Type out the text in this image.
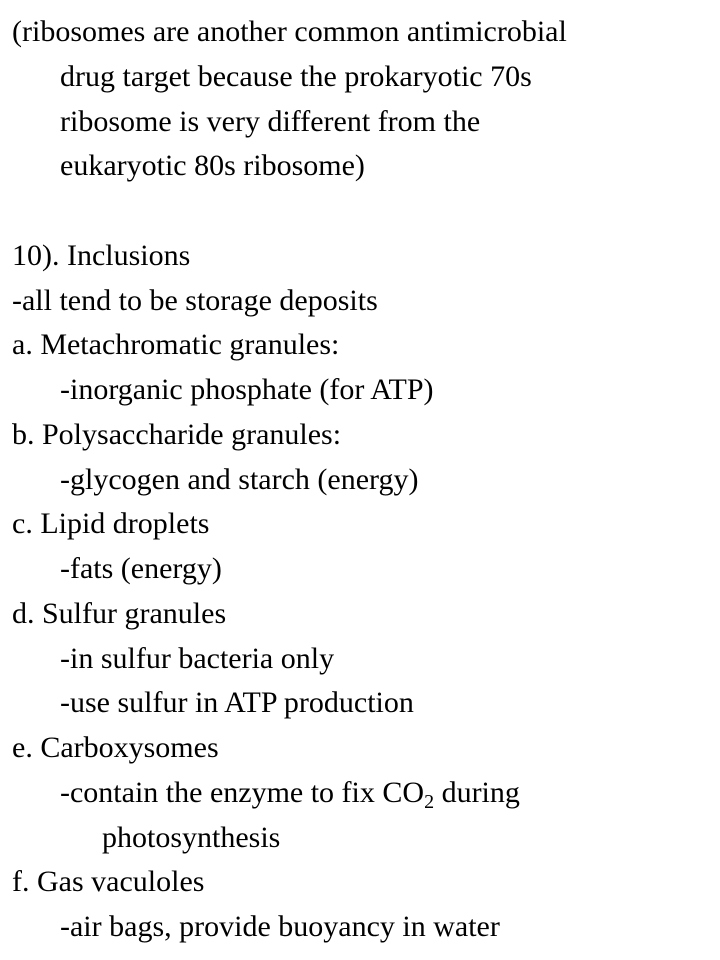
(ribosomes are another common antimicrobial
drug target because the prokaryotic 70s
ribosome is very different from the
eukaryotic 80s ribosome)
10). Inclusions
-all tend to be storage deposits
a. Metachromatic granules:
-inorganic phosphate (for ATP)
b. Polysaccharide granules:
-glycogen and starch (energy)
c. Lipid droplets
-fats (energy)
d. Sulfur granules
-in sulfur bacteria only
-use sulfur in ATP production
e. Carboxysomes
-contain the enzyme to fix $CO_2$ during
photosynthesis
f. Gas vaculoles
-air bags, provide buoyancy in water
